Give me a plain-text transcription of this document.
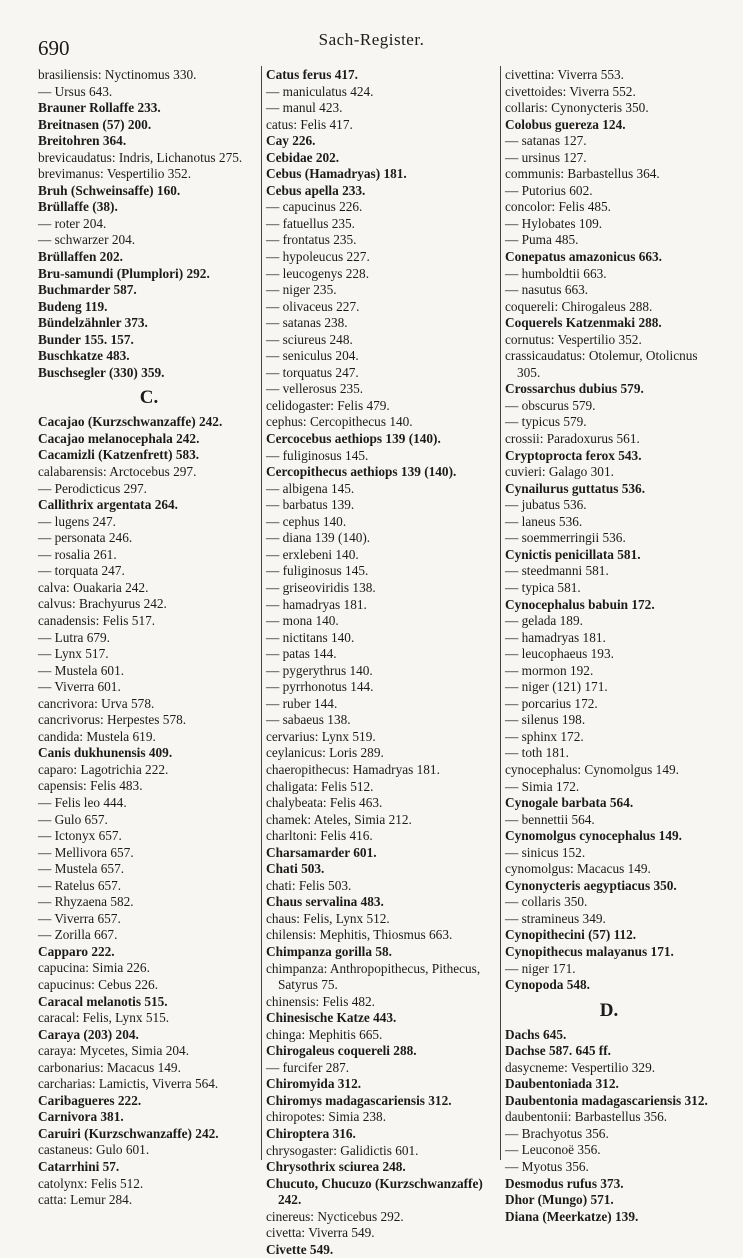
690	Sach-Register.
brasiliensis: Nyctinomus 330.
— Ursus 643.
Brauner Rollaffe 233.
Breitnasen (57) 200.
Breitohren 364.
brevicaudatus: Indris, Lichanotus 275.
brevimanus: Vespertilio 352.
Bruh (Schweinsaffe) 160.
Brüllaffe (38).
— roter 204.
— schwarzer 204.
Brüllaffen 202.
Bru-samundi (Plumplori) 292.
Buchmarder 587.
Budeng 119.
Bündelzähnler 373.
Bunder 155. 157.
Buschkatze 483.
Buschsegler (330) 359.
C.
Cacajao (Kurzschwanzaffe) 242.
Cacajao melanocephala 242.
Cacamizli (Katzenfrett) 583.
calabarensis: Arctocebus 297.
— Perodicticus 297.
Callithrix argentata 264.
— lugens 247.
— personata 246.
— rosalia 261.
— torquata 247.
calva: Ouakaria 242.
calvus: Brachyurus 242.
canadensis: Felis 517.
— Lutra 679.
— Lynx 517.
— Mustela 601.
— Viverra 601.
cancrivora: Urva 578.
cancrivorus: Herpestes 578.
candida: Mustela 619.
Canis dukhunensis 409.
caparo: Lagotrichia 222.
capensis: Felis 483.
— Felis leo 444.
— Gulo 657.
— Ictonyx 657.
— Mellivora 657.
— Mustela 657.
— Ratelus 657.
— Rhyzaena 582.
— Viverra 657.
— Zorilla 667.
Capparo 222.
capucina: Simia 226.
capucinus: Cebus 226.
Caracal melanotis 515.
caracal: Felis, Lynx 515.
Caraya (203) 204.
caraya: Mycetes, Simia 204.
carbonarius: Macacus 149.
carcharias: Lamictis, Viverra 564.
Caribagueres 222.
Carnivora 381.
Caruiri (Kurzschwanzaffe) 242.
castaneus: Gulo 601.
Catarrhini 57.
catolynx: Felis 512.
catta: Lemur 284.
Catus ferus 417.
— maniculatus 424.
— manul 423.
catus: Felis 417.
Cay 226.
Cebidae 202.
Cebus (Hamadryas) 181.
Cebus apella 233.
— capucinus 226.
— fatuellus 235.
— frontatus 235.
— hypoleucus 227.
— leucogenys 228.
— niger 235.
— olivaceus 227.
— satanas 238.
— sciureus 248.
— seniculus 204.
— torquatus 247.
— vellerosus 235.
celidogaster: Felis 479.
cephus: Cercopithecus 140.
Cercocebus aethiops 139 (140).
— fuliginosus 145.
Cercopithecus aethiops 139 (140).
— albigena 145.
— barbatus 139.
— cephus 140.
— diana 139 (140).
— erxlebeni 140.
— fuliginosus 145.
— griseoviridis 138.
— hamadryas 181.
— mona 140.
— nictitans 140.
— patas 144.
— pygerythrus 140.
— pyrrhonotus 144.
— ruber 144.
— sabaeus 138.
cervarius: Lynx 519.
ceylanicus: Loris 289.
chaeropithecus: Hamadryas 181.
chaligata: Felis 512.
chalybeata: Felis 463.
chamek: Ateles, Simia 212.
charltoni: Felis 416.
Charsamarder 601.
Chati 503.
chati: Felis 503.
Chaus servalina 483.
chaus: Felis, Lynx 512.
chilensis: Mephitis, Thiosmus 663.
Chimpanza gorilla 58.
chimpanza: Anthropopithecus, Pithecus, Satyrus 75.
chinensis: Felis 482.
Chinesische Katze 443.
chinga: Mephitis 665.
Chirogaleus coquereli 288.
— furcifer 287.
Chiromyida 312.
Chiromys madagascariensis 312.
chiropotes: Simia 238.
Chiroptera 316.
chrysogaster: Galidictis 601.
Chrysothrix sciurea 248.
Chucuto, Chucuzo (Kurzschwanzaffe) 242.
cinereus: Nycticebus 292.
civetta: Viverra 549.
Civette 549.
civettina: Viverra 553.
civettoides: Viverra 552.
collaris: Cynonycteris 350.
Colobus guereza 124.
— satanas 127.
— ursinus 127.
communis: Barbastellus 364.
— Putorius 602.
concolor: Felis 485.
— Hylobates 109.
— Puma 485.
Conepatus amazonicus 663.
— humboldtii 663.
— nasutus 663.
coquereli: Chirogaleus 288.
Coquerels Katzenmaki 288.
cornutus: Vespertilio 352.
crassicaudatus: Otolemur, Otolicnus 305.
Crossarchus dubius 579.
— obscurus 579.
— typicus 579.
crossii: Paradoxurus 561.
Cryptoprocta ferox 543.
cuvieri: Galago 301.
Cynailurus guttatus 536.
— jubatus 536.
— laneus 536.
— soemmerringii 536.
Cynictis penicillata 581.
— steedmanni 581.
— typica 581.
Cynocephalus babuin 172.
— gelada 189.
— hamadryas 181.
— leucophaeus 193.
— mormon 192.
— niger (121) 171.
— porcarius 172.
— silenus 198.
— sphinx 172.
— toth 181.
cynocephalus: Cynomolgus 149.
— Simia 172.
Cynogale barbata 564.
— bennettii 564.
Cynomolgus cynocephalus 149.
— sinicus 152.
cynomolgus: Macacus 149.
Cynonycteris aegyptiacus 350.
— collaris 350.
— stramineus 349.
Cynopithecini (57) 112.
Cynopithecus malayanus 171.
— niger 171.
Cynopoda 548.
D.
Dachs 645.
Dachse 587. 645 ff.
dasycneme: Vespertilio 329.
Daubentoniada 312.
Daubentonia madagascariensis 312.
daubentonii: Barbastellus 356.
— Brachyotus 356.
— Leuconoë 356.
— Myotus 356.
Desmodus rufus 373.
Dhor (Mungo) 571.
Diana (Meerkatze) 139.
